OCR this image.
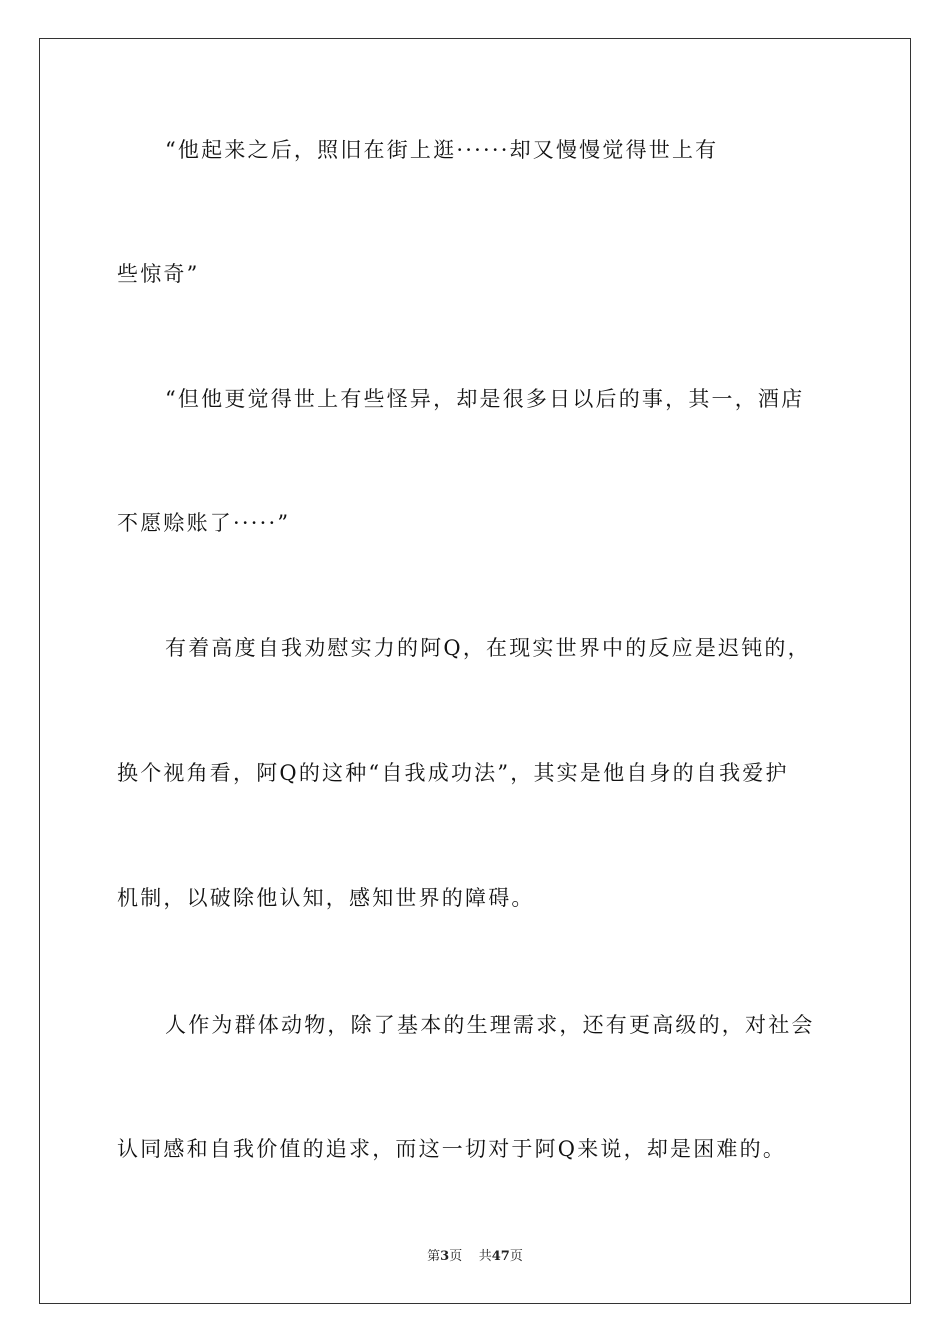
“他起来之后，照旧在街上逛······却又慢慢觉得世上有
些惊奇”
“但他更觉得世上有些怪异，却是很多日以后的事，其一，酒店
不愿赊账了·····”
有着高度自我劝慰实力的阿Q，在现实世界中的反应是迟钝的，
换个视角看，阿Q的这种“自我成功法”，其实是他自身的自我爱护
机制，以破除他认知，感知世界的障碍。
人作为群体动物，除了基本的生理需求，还有更高级的，对社会
认同感和自我价值的追求，而这一切对于阿Q来说，却是困难的。
第3页 共47页
